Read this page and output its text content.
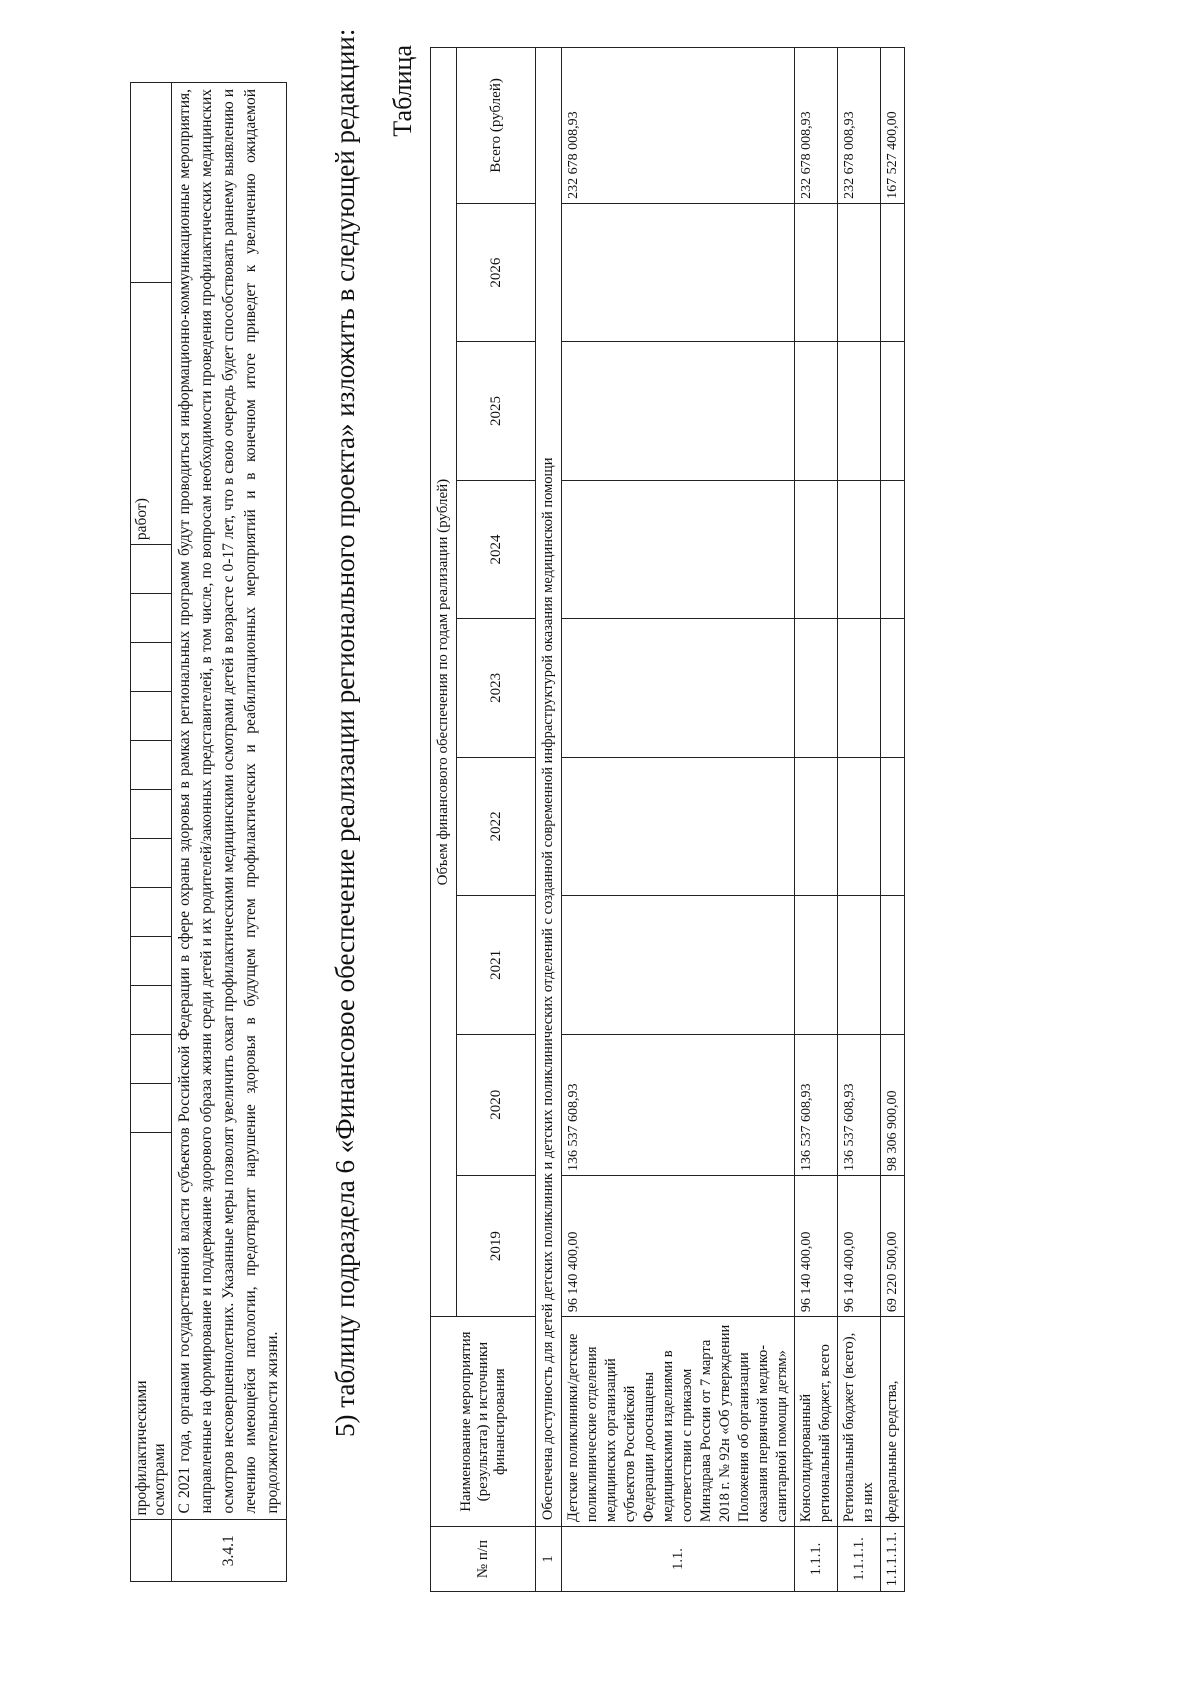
	профилактическими осмотрами													работ)	
3.4.1	С 2021 года, органами государственной власти субъектов Российской Федерации в сфере охраны здоровья в рамках региональных программ будут проводиться информационно-коммуникационные мероприятия, направленные на формирование и поддержание здорового образа жизни среди детей и их родителей/законных представителей, в том числе, по вопросам необходимости проведения профилактических медицинских осмотров несовершеннолетних. Указанные меры позволят увеличить охват профилактическими медицинскими осмотрами детей в возрасте с 0-17 лет, что в свою очередь будет способствовать раннему выявлению и лечению имеющейся патологии, предотвратит нарушение здоровья в будущем путем профилактических и реабилитационных мероприятий и в конечном итоге приведет к увеличению ожидаемой продолжительности жизни.														5) таблицу подраздела 6 «Финансовое обеспечение реализации регионального проекта» изложить в следующей редакции: Таблица
№ п/п	Наименование мероприятия (результата) и источники финансирования	Объем финансового обеспечения по годам реализации (рублей)								
		2019	2020	2021	2022	2023	2024	2025	2026	Всего (рублей)
1	Обеспечена доступность для детей детских поликлиник и детских поликлинических отделений с созданной современной инфраструктурой оказания медицинской помощи									
1.1.	Детские поликлиники/детские поликлинические отделения медицинских организаций субъектов Российской Федерации дооснащены медицинскими изделиями в соответствии с приказом Минздрава России от 7 марта 2018 г. № 92н «Об утверждении Положения об организации оказания первичной медико-санитарной помощи детям»	96 140 400,00	136 537 608,93							232 678 008,93
1.1.1.	Консолидированный региональный бюджет, всего	96 140 400,00	136 537 608,93							232 678 008,93
1.1.1.1.	Региональный бюджет (всего), из них	96 140 400,00	136 537 608,93							232 678 008,93
1.1.1.1.1.	федеральные средства,	69 220 500,00	98 306 900,00							167 527 400,00
